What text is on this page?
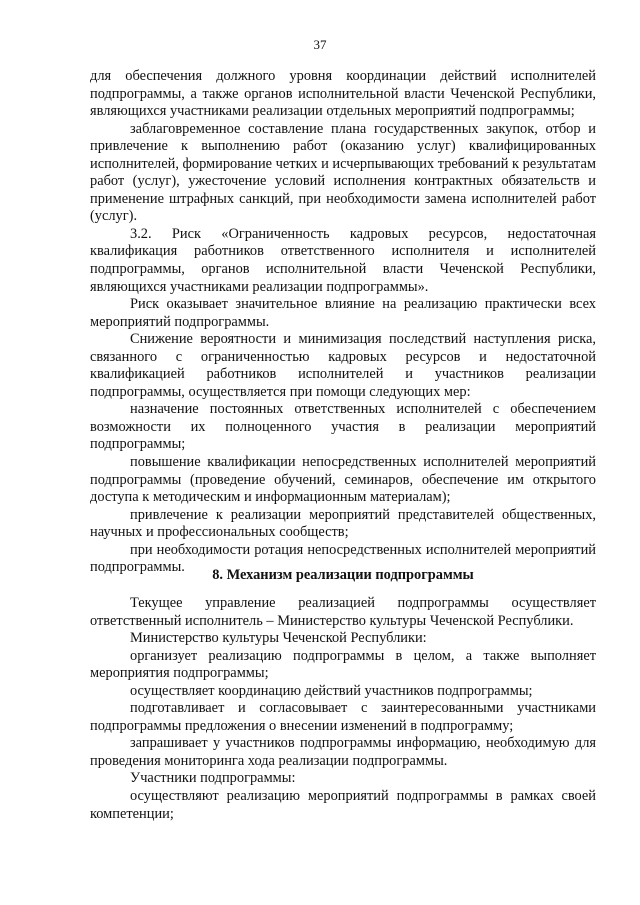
37

для обеспечения должного уровня координации действий исполнителей подпрограммы, а также органов исполнительной власти Чеченской Республики, являющихся участниками реализации отдельных мероприятий подпрограммы;

заблаговременное составление плана государственных закупок, отбор и привлечение к выполнению работ (оказанию услуг) квалифицированных исполнителей, формирование четких и исчерпывающих требований к результатам работ (услуг), ужесточение условий исполнения контрактных обязательств и применение штрафных санкций, при необходимости замена исполнителей работ (услуг).

3.2. Риск «Ограниченность кадровых ресурсов, недостаточная квалификация работников ответственного исполнителя и исполнителей подпрограммы, органов исполнительной власти Чеченской Республики, являющихся участниками реализации подпрограммы».

Риск оказывает значительное влияние на реализацию практически всех мероприятий подпрограммы.

Снижение вероятности и минимизация последствий наступления риска, связанного с ограниченностью кадровых ресурсов и недостаточной квалификацией работников исполнителей и участников реализации подпрограммы, осуществляется при помощи следующих мер:

назначение постоянных ответственных исполнителей с обеспечением возможности их полноценного участия в реализации мероприятий подпрограммы;

повышение квалификации непосредственных исполнителей мероприятий подпрограммы (проведение обучений, семинаров, обеспечение им открытого доступа к методическим и информационным материалам);

привлечение к реализации мероприятий представителей общественных, научных и профессиональных сообществ;

при необходимости ротация непосредственных исполнителей мероприятий подпрограммы.	8. Механизм реализации подпрограммы

Текущее управление реализацией подпрограммы осуществляет ответственный исполнитель – Министерство культуры Чеченской Республики.

Министерство культуры Чеченской Республики:

организует реализацию подпрограммы в целом, а также выполняет мероприятия подпрограммы;

осуществляет координацию действий участников подпрограммы;

подготавливает и согласовывает с заинтересованными участниками подпрограммы предложения о внесении изменений в подпрограмму;

запрашивает у участников подпрограммы информацию, необходимую для проведения мониторинга хода реализации подпрограммы.

Участники подпрограммы:

осуществляют реализацию мероприятий подпрограммы в рамках своей компетенции;
